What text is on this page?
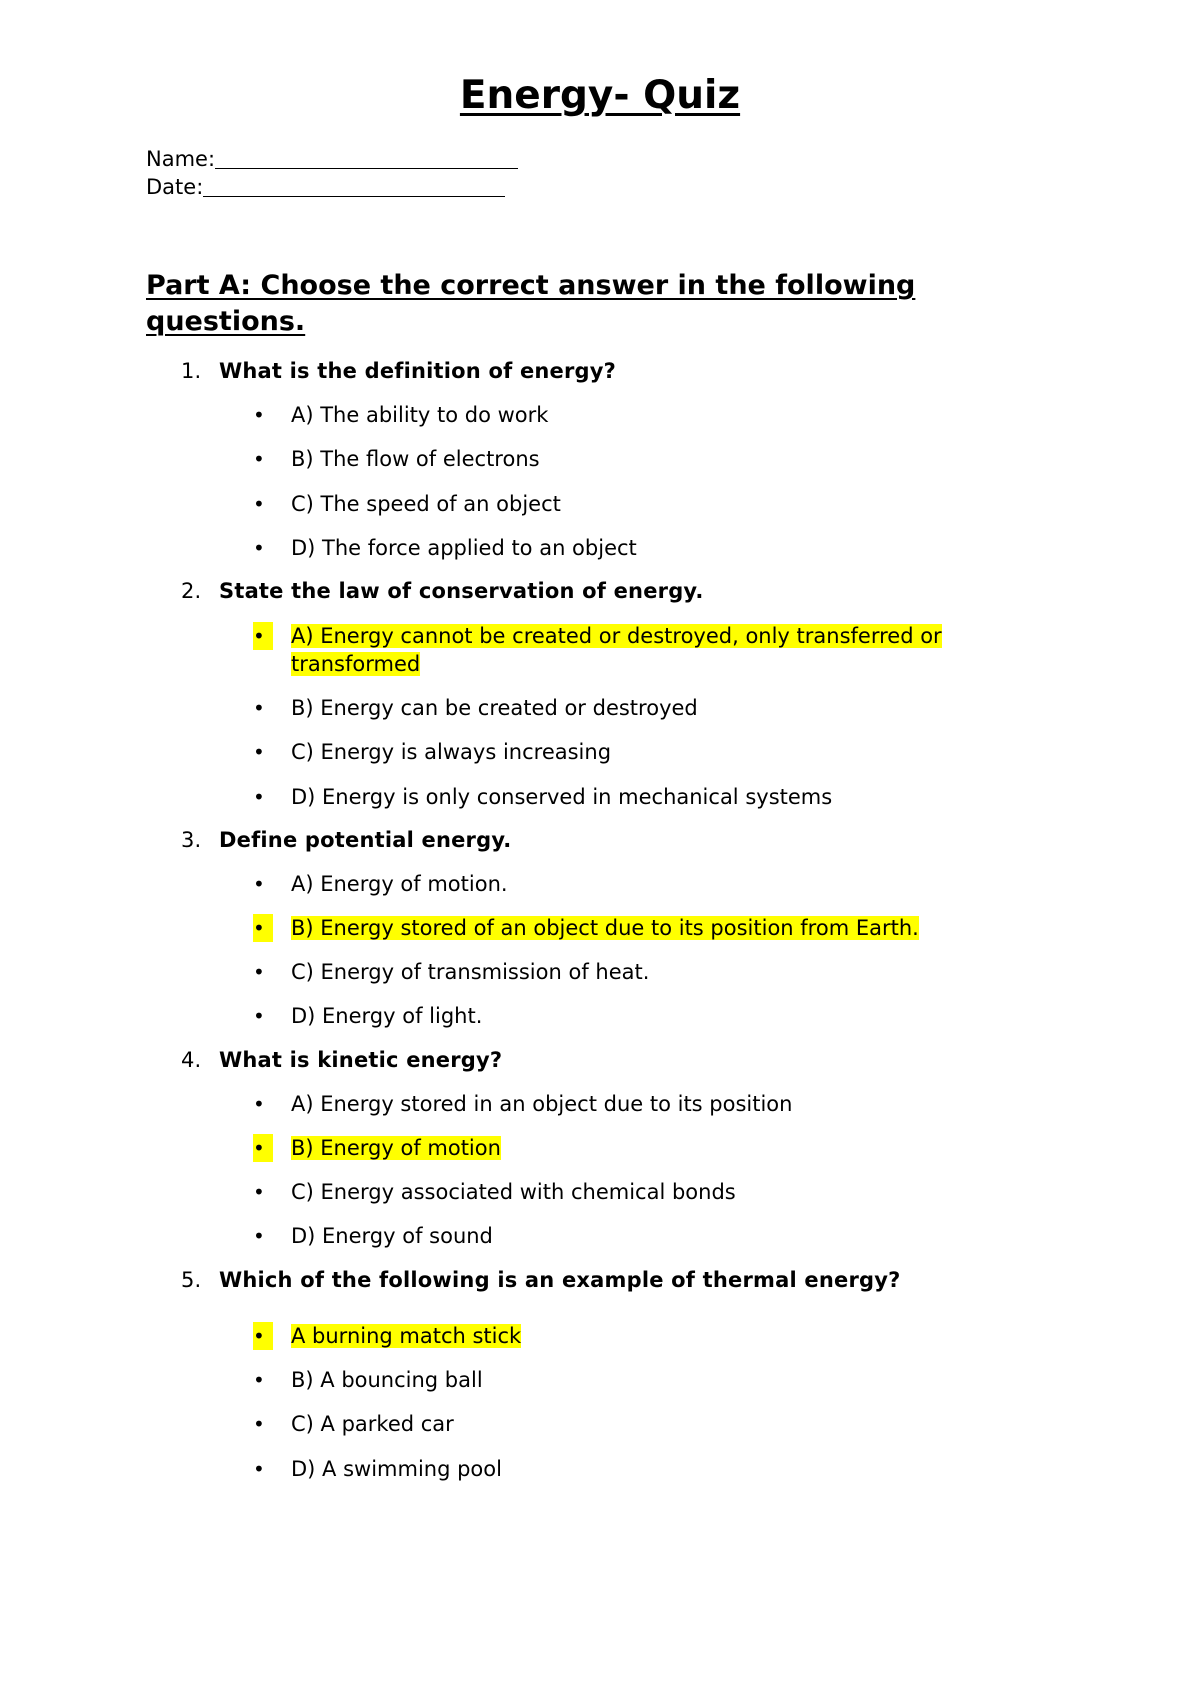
Energy- Quiz
Name:
Date:
Part A: Choose the correct answer in the following questions.
1. What is the definition of energy?
•	A) The ability to do work
•	B) The flow of electrons
•	C) The speed of an object
•	D) The force applied to an object
2. State the law of conservation of energy.
•	A) Energy cannot be created or destroyed, only transferred or transformed
•	B) Energy can be created or destroyed
•	C) Energy is always increasing
•	D) Energy is only conserved in mechanical systems
3. Define potential energy.
•	A) Energy of motion.
•	B) Energy stored of an object due to its position from Earth.
•	C) Energy of transmission of heat.
•	D) Energy of light.
4. What is kinetic energy?
•	A) Energy stored in an object due to its position
•	B) Energy of motion
•	C) Energy associated with chemical bonds
•	D) Energy of sound
5. Which of the following is an example of thermal energy?
•	A burning match stick
•	B) A bouncing ball
•	C) A parked car
•	D) A swimming pool
